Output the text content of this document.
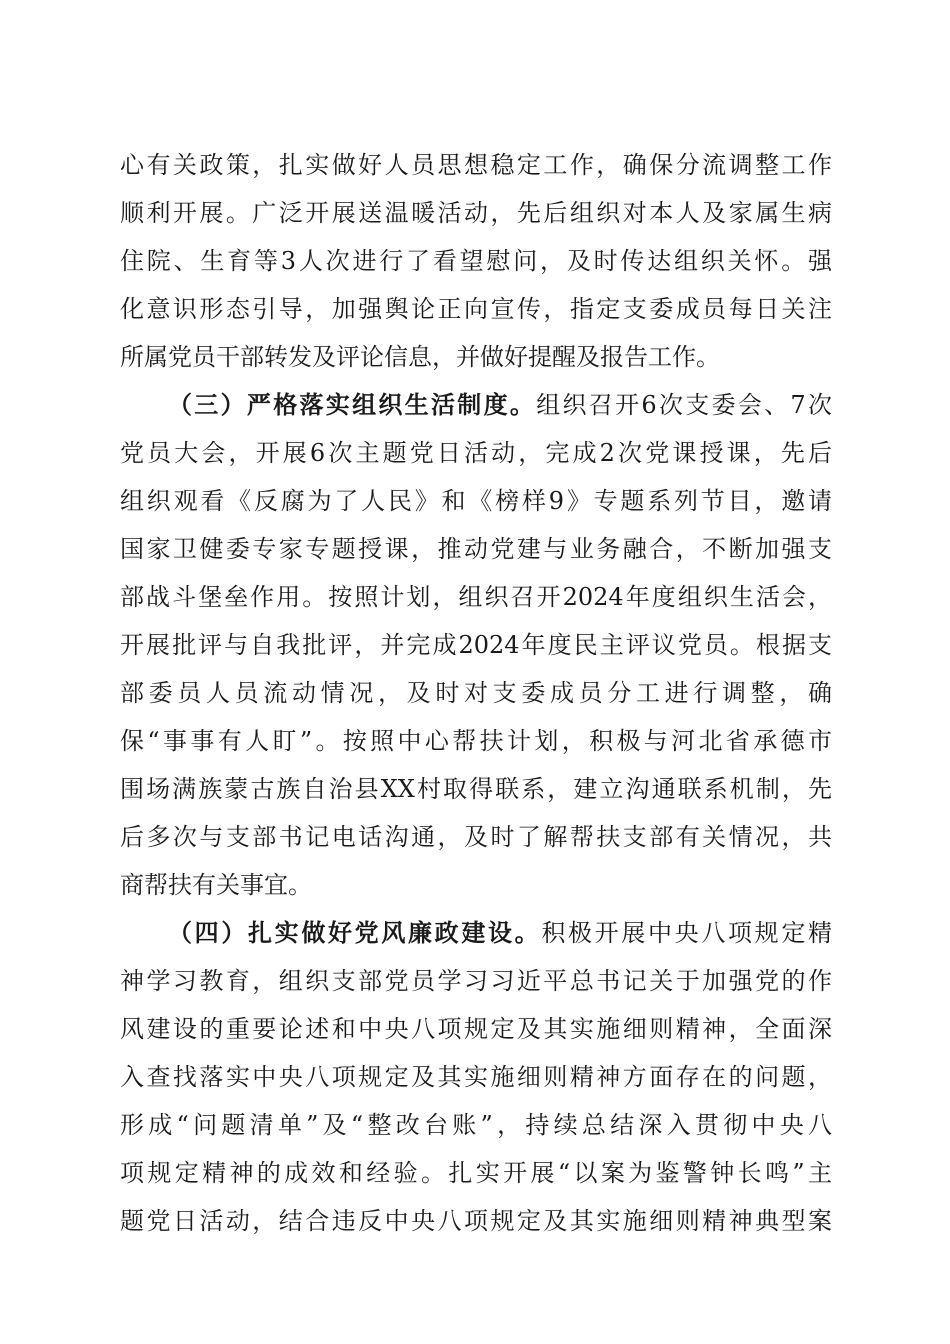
心有关政策，扎实做好人员思想稳定工作，确保分流调整工作
顺利开展。广泛开展送温暖活动，先后组织对本人及家属生病
住院、生育等3人次进行了看望慰问，及时传达组织关怀。强
化意识形态引导，加强舆论正向宣传，指定支委成员每日关注
所属党员干部转发及评论信息，并做好提醒及报告工作。
（三）严格落实组织生活制度。组织召开6次支委会、7次
党员大会，开展6次主题党日活动，完成2次党课授课，先后
组织观看《反腐为了人民》和《榜样9》专题系列节目，邀请
国家卫健委专家专题授课，推动党建与业务融合，不断加强支
部战斗堡垒作用。按照计划，组织召开2024年度组织生活会，
开展批评与自我批评，并完成2024年度民主评议党员。根据支
部委员人员流动情况，及时对支委成员分工进行调整，确
保“事事有人盯”。按照中心帮扶计划，积极与河北省承德市
围场满族蒙古族自治县XX村取得联系，建立沟通联系机制，先
后多次与支部书记电话沟通，及时了解帮扶支部有关情况，共
商帮扶有关事宜。
（四）扎实做好党风廉政建设。积极开展中央八项规定精
神学习教育，组织支部党员学习习近平总书记关于加强党的作
风建设的重要论述和中央八项规定及其实施细则精神，全面深
入查找落实中央八项规定及其实施细则精神方面存在的问题，
形成“问题清单”及“整改台账”，持续总结深入贯彻中央八
项规定精神的成效和经验。扎实开展“以案为鉴警钟长鸣”主
题党日活动，结合违反中央八项规定及其实施细则精神典型案
